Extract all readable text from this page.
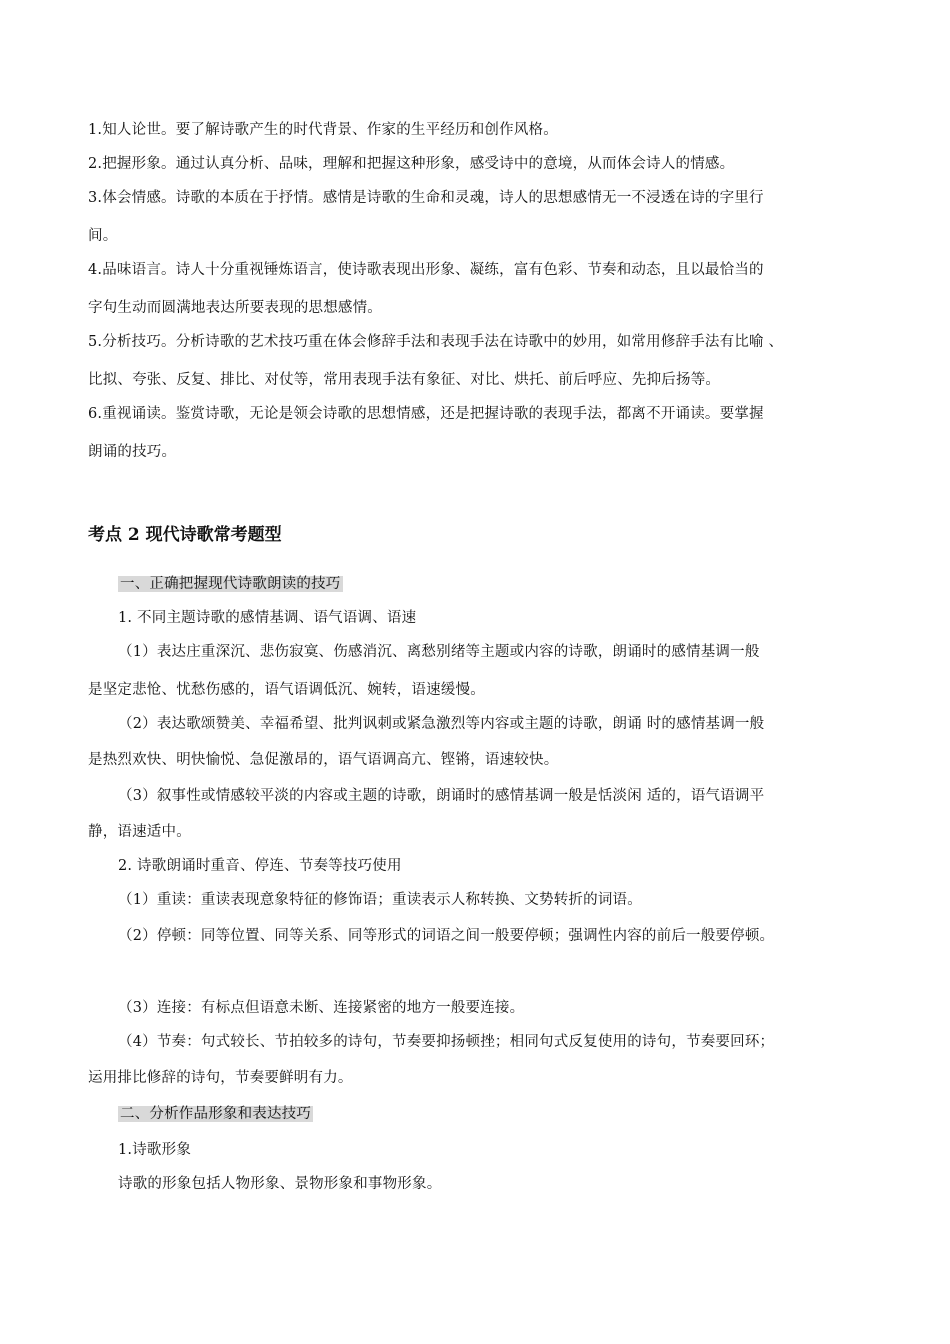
1.知人论世。要了解诗歌产生的时代背景、作家的生平经历和创作风格。
2.把握形象。通过认真分析、品味，理解和把握这种形象，感受诗中的意境，从而体会诗人的情感。
3.体会情感。诗歌的本质在于抒情。感情是诗歌的生命和灵魂，诗人的思想感情无一不浸透在诗的字里行
间。
4.品味语言。诗人十分重视锤炼语言，使诗歌表现出形象、凝练，富有色彩、节奏和动态，且以最恰当的
字句生动而圆满地表达所要表现的思想感情。
5.分析技巧。分析诗歌的艺术技巧重在体会修辞手法和表现手法在诗歌中的妙用，如常用修辞手法有比喻 、
比拟、夸张、反复、排比、对仗等，常用表现手法有象征、对比、烘托、前后呼应、先抑后扬等。
6.重视诵读。鉴赏诗歌，无论是领会诗歌的思想情感，还是把握诗歌的表现手法，都离不开诵读。要掌握
朗诵的技巧。
考点 2 现代诗歌常考题型
一、正确把握现代诗歌朗读的技巧
1. 不同主题诗歌的感情基调、语气语调、语速
（1）表达庄重深沉、悲伤寂寞、伤感消沉、离愁别绪等主题或内容的诗歌，朗诵时的感情基调一般
是坚定悲怆、忧愁伤感的，语气语调低沉、婉转，语速缓慢。
（2）表达歌颂赞美、幸福希望、批判讽刺或紧急激烈等内容或主题的诗歌，朗诵 时的感情基调一般
是热烈欢快、明快愉悦、急促激昂的，语气语调高亢、铿锵，语速较快。
（3）叙事性或情感较平淡的内容或主题的诗歌，朗诵时的感情基调一般是恬淡闲 适的，语气语调平
静，语速适中。
2. 诗歌朗诵时重音、停连、节奏等技巧使用
（1）重读：重读表现意象特征的修饰语；重读表示人称转换、文势转折的词语。
（2）停顿：同等位置、同等关系、同等形式的词语之间一般要停顿；强调性内容的前后一般要停顿。
（3）连接：有标点但语意未断、连接紧密的地方一般要连接。
（4）节奏：句式较长、节拍较多的诗句，节奏要抑扬顿挫；相同句式反复使用的诗句，节奏要回环；
运用排比修辞的诗句，节奏要鲜明有力。
二、分析作品形象和表达技巧
1.诗歌形象
诗歌的形象包括人物形象、景物形象和事物形象。
